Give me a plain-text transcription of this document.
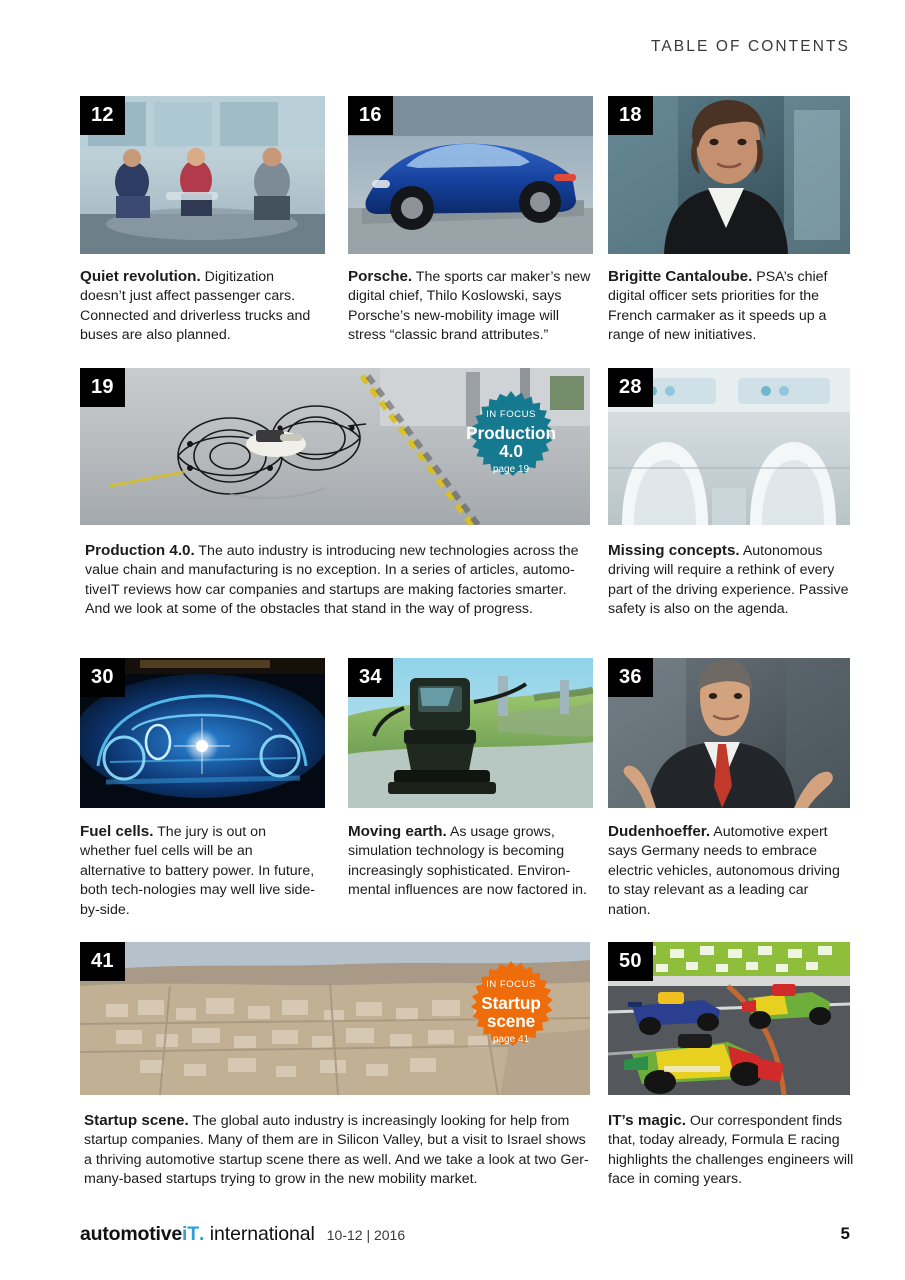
TABLE OF CONTENTS
12
Quiet revolution. Digitization doesn’t just affect passenger cars. Connected and driverless trucks and buses are also planned.
16
Porsche. The sports car maker’s new digital chief, Thilo Koslowski, says Porsche’s new-mobility image will stress “classic brand attributes.”
18
Brigitte Cantaloube. PSA’s chief digital officer sets priorities for the French carmaker as it speeds up a range of new initiatives.
19
IN FOCUS
Production
4.0
page 19
Production 4.0. The auto industry is introducing new technologies across the value chain and manufacturing is no exception. In a series of articles, automo-tiveIT reviews how car companies and startups are making factories smarter. And we look at some of the obstacles that stand in the way of progress.
28
Missing concepts. Autonomous driving will require a rethink of every part of the driving experience. Passive safety is also on the agenda.
30
Fuel cells. The jury is out on whether fuel cells will be an alternative to battery power. In future, both tech-nologies may well live side-by-side.
34
Moving earth. As usage grows, simulation technology is becoming increasingly sophisticated. Environ-mental influences are now factored in.
36
Dudenhoeffer. Automotive expert says Germany needs to embrace electric vehicles, autonomous driving to stay relevant as a leading car nation.
41
IN FOCUS
Startup
scene
page 41
Startup scene. The global auto industry is increasingly looking for help from startup companies. Many of them are in Silicon Valley, but a visit to Israel shows a thriving automotive startup scene there as well. And we take a look at two Ger-many-based startups trying to grow in the new mobility market.
50
IT’s magic. Our correspondent finds that, today already, Formula E racing highlights the challenges engineers will face in coming years.
automotiveiT. international 10-12 | 2016	5
